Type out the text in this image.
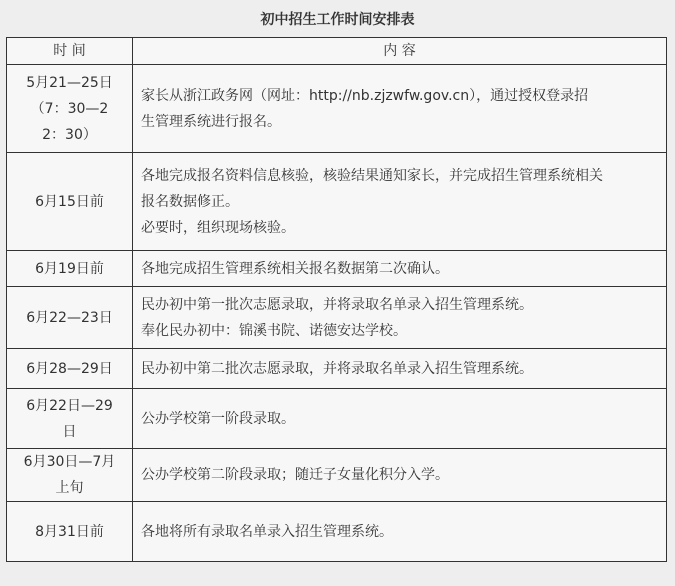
初中招生工作时间安排表
时 间	内 容

5月21—25日
（7：30—2
2：30）	家长从浙江政务网（网址：http://nb.zjzwfw.gov.cn），通过授权登录招
生管理系统进行报名。

6月15日前	各地完成报名资料信息核验，核验结果通知家长，并完成招生管理系统相关
报名数据修正。
必要时，组织现场核验。

6月19日前	各地完成招生管理系统相关报名数据第二次确认。

6月22—23日	民办初中第一批次志愿录取，并将录取名单录入招生管理系统。
奉化民办初中：锦溪书院、诺德安达学校。

6月28—29日	民办初中第二批次志愿录取，并将录取名单录入招生管理系统。

6月22日—29
日	公办学校第一阶段录取。

6月30日—7月
上旬	公办学校第二阶段录取；随迁子女量化积分入学。

8月31日前	各地将所有录取名单录入招生管理系统。
